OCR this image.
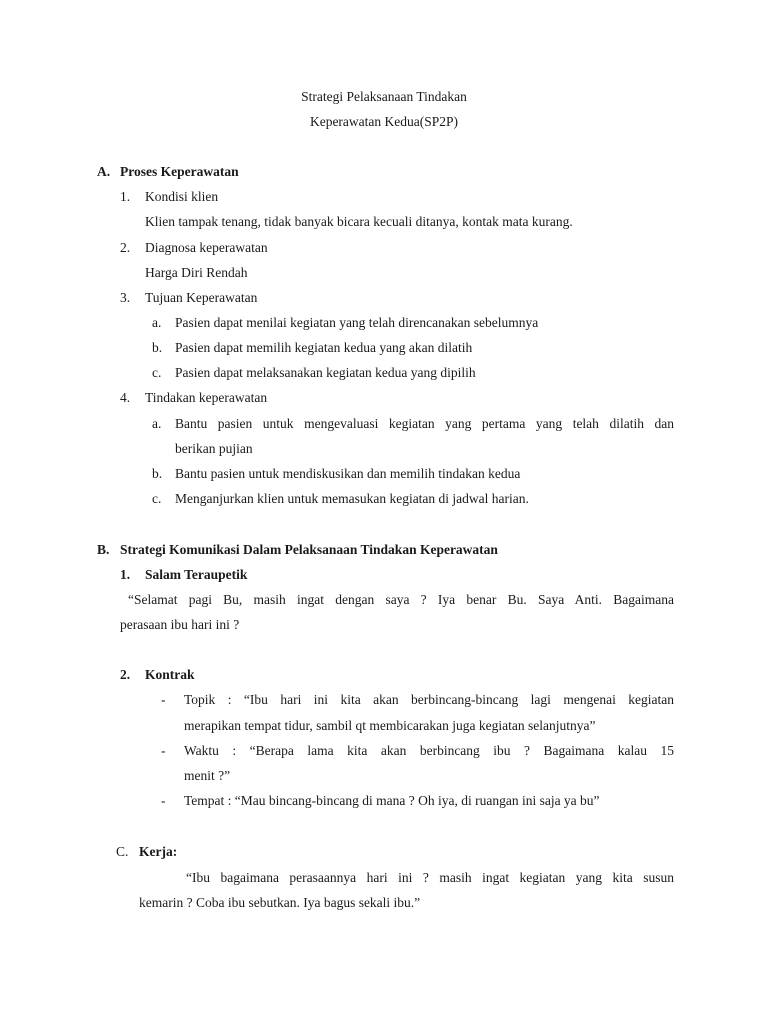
Strategi Pelaksanaan Tindakan
Keperawatan Kedua(SP2P)
A. Proses Keperawatan
1. Kondisi klien
Klien tampak tenang, tidak banyak bicara kecuali ditanya, kontak mata kurang.
2. Diagnosa keperawatan
Harga Diri Rendah
3. Tujuan Keperawatan
a. Pasien dapat menilai kegiatan yang telah direncanakan sebelumnya
b. Pasien dapat memilih kegiatan kedua yang akan dilatih
c. Pasien dapat melaksanakan kegiatan kedua yang dipilih
4. Tindakan keperawatan
a. Bantu pasien untuk mengevaluasi kegiatan yang pertama yang telah dilatih dan
berikan pujian
b. Bantu pasien untuk mendiskusikan dan memilih tindakan kedua
c. Menganjurkan klien untuk memasukan kegiatan di jadwal harian.
B. Strategi Komunikasi Dalam Pelaksanaan Tindakan Keperawatan
1. Salam Teraupetik
“Selamat pagi Bu, masih ingat dengan saya ? Iya benar Bu. Saya Anti. Bagaimana
perasaan ibu hari ini ?
2. Kontrak
- Topik : “Ibu hari ini kita akan berbincang-bincang lagi mengenai kegiatan
merapikan tempat tidur, sambil qt membicarakan juga kegiatan selanjutnya”
- Waktu : “Berapa lama kita akan berbincang ibu ? Bagaimana kalau 15
menit ?”
- Tempat : “Mau bincang-bincang di mana ? Oh iya, di ruangan ini saja ya bu”
C. Kerja:
“Ibu bagaimana perasaannya hari ini ? masih ingat kegiatan yang kita susun
kemarin ? Coba ibu sebutkan. Iya bagus sekali ibu.”
